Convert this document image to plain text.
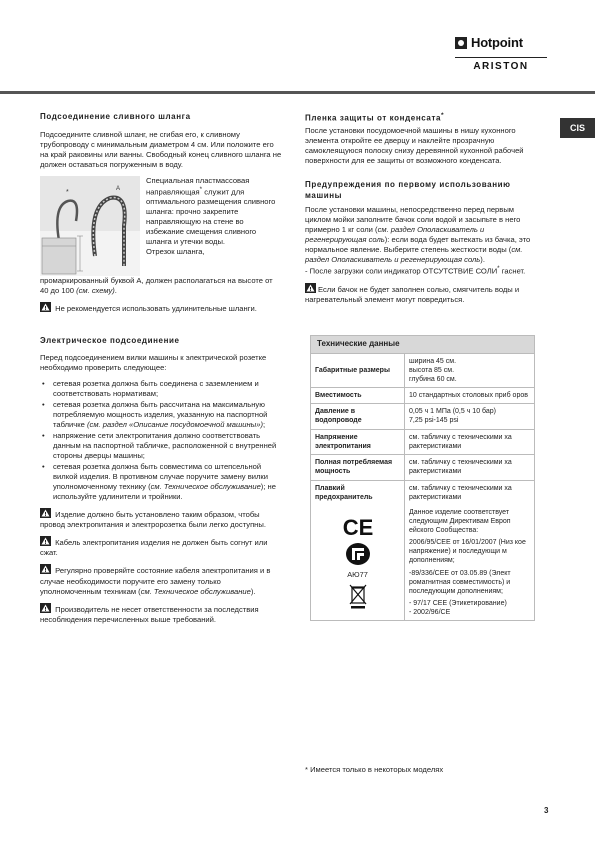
Hotpoint
ARISTON
CIS
Подсоединение сливного шланга

Подсоедините сливной шланг, не сгибая его, к сливному трубопроводу с минимальным диаметром 4 см. Или положите его на край раковины или ванны. Свободный конец сливного шланга не должен оставаться погруженным в воду.

*	A
Специальная пластмассовая направляющая* служит для оптимального размещения сливного шланга: прочно закрепите направляющую на стене во избежание смещения сливного шланга и утечки воды.
Отрезок шланга,

промаркированный буквой А, должен располагаться на высоте от 40 до 100 (см. схему).

Не рекомендуется использовать удлинительные шланги.

Электрическое подсоединение

Перед подсоединением вилки машины к электрической розетке необходимо проверить следующее:

• сетевая розетка должна быть соединена с заземлением и соответствовать нормативам;
• сетевая розетка должна быть рассчитана на максимальную потребляемую мощность изделия, указанную на паспортной табличке (см. раздел «Описание посудомоечной машины»);
• напряжение сети электропитания должно соответствовать данным на паспортной табличке, расположенной с внутренней стороны дверцы машины;
• сетевая розетка должна быть совместима со штепсельной вилкой изделия. В противном случае поручите замену вилки уполномоченному технику (см. Техническое обслуживание); не используйте удлинители и тройники.

Изделие должно быть установлено таким образом, чтобы провод электропитания и электророзетка были легко доступны.

Кабель электропитания изделия не должен быть согнут или сжат.

Регулярно проверяйте состояние кабеля электропитания и в случае необходимости поручите его замену только уполномоченным техникам (см. Техническое обслуживание).

Производитель не несет ответственности за последствия несоблюдения перечисленных выше требований.

Пленка защиты от конденсата*

После установки посудомоечной машины в нишу кухонного элемента откройте ее дверцу и наклейте прозрачную самоклеящуюся полоску снизу деревянной кухонной рабочей поверхности для ее защиты от возможного конденсата.

Предупреждения по первому использованию машины

После установки машины, непосредственно перед первым циклом мойки заполните бачок соли водой и засыпьте в него примерно 1 кг соли (см. раздел Ополаскиватель и регенерирующая соль): если вода будет вытекать из бачка, это нормальное явление. Выберите степень жесткости воды (см. раздел Ополаскиватель и регенерирующая соль).
- После загрузки соли индикатор ОТСУТСТВИЕ СОЛИ* гаснет.

Если бачок не будет заполнен солью, смягчитель воды и нагревательный элемент могут повредиться.

Технические данные
Габаритные размеры
ширина 45 см.
высота 85 см.
глубина 60 см.
Вместимость	10 стандартных столовых приб оров
Давление в водопроводе
0,05 ч 1 МПа (0,5 ч 10 бар)
7,25 psi-145 psi
Напряжение электропитания
см. табличку с техническими ха рактеристиками
Полная потребляемая мощность
см. табличку с техническими ха рактеристиками
Плавкий предохранитель
см. табличку с техническими ха рактеристиками
CE
АЮ77
Данное изделие соответствует следующим Директивам Европ ейского Сообщества:
2006/95/CEE от 16/01/2007 (Низ кое напряжение) и последующи м дополнениям;
-89/336/CEE от 03.05.89 (Элект ромагнитная совместимость) и последующим дополнениям;
- 97/17 CEE (Этикетирование)
- 2002/96/CE
* Имеется только в некоторых моделях
3
